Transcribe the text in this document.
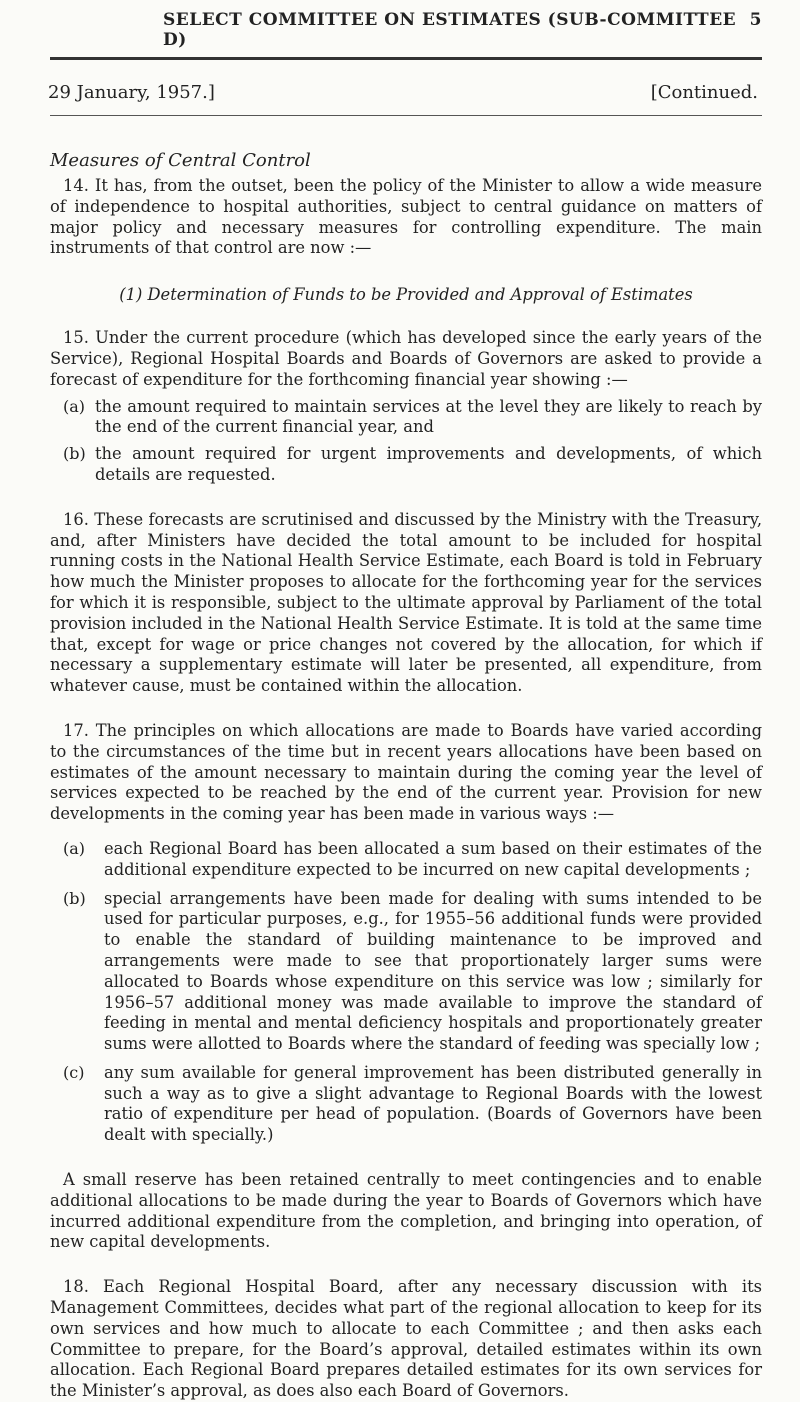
SELECT COMMITTEE ON ESTIMATES (SUB-COMMITTEE D)
5
29 January, 1957.]	[Continued.
Measures of Central Control

14. It has, from the outset, been the policy of the Minister to allow a wide measure of independence to hospital authorities, subject to central guidance on matters of major policy and necessary measures for controlling expenditure. The main instruments of that control are now :—

(1) Determination of Funds to be Provided and Approval of Estimates

15. Under the current procedure (which has developed since the early years of the Service), Regional Hospital Boards and Boards of Governors are asked to provide a forecast of expenditure for the forthcoming financial year showing :—

(a) the amount required to maintain services at the level they are likely to reach by the end of the current financial year, and
(b) the amount required for urgent improvements and developments, of which details are requested.

16. These forecasts are scrutinised and discussed by the Ministry with the Treasury, and, after Ministers have decided the total amount to be included for hospital running costs in the National Health Service Estimate, each Board is told in February how much the Minister proposes to allocate for the forthcoming year for the services for which it is responsible, subject to the ultimate approval by Parliament of the total provision included in the National Health Service Estimate. It is told at the same time that, except for wage or price changes not covered by the allocation, for which if necessary a supplementary estimate will later be presented, all expenditure, from whatever cause, must be contained within the allocation.

17. The principles on which allocations are made to Boards have varied according to the circumstances of the time but in recent years allocations have been based on estimates of the amount necessary to maintain during the coming year the level of services expected to be reached by the end of the current year. Provision for new developments in the coming year has been made in various ways :—

(a)	each Regional Board has been allocated a sum based on their estimates of the additional expenditure expected to be incurred on new capital developments ;
(b)	special arrangements have been made for dealing with sums intended to be used for particular purposes, e.g., for 1955–56 additional funds were provided to enable the standard of building maintenance to be improved and arrangements were made to see that proportionately larger sums were allocated to Boards whose expenditure on this service was low ; similarly for 1956–57 additional money was made available to improve the standard of feeding in mental and mental deficiency hospitals and proportionately greater sums were allotted to Boards where the standard of feeding was specially low ;
(c)	any sum available for general improvement has been distributed generally in such a way as to give a slight advantage to Regional Boards with the lowest ratio of expenditure per head of population. (Boards of Governors have been dealt with specially.)

A small reserve has been retained centrally to meet contingencies and to enable additional allocations to be made during the year to Boards of Governors which have incurred additional expenditure from the completion, and bringing into operation, of new capital developments.

18. Each Regional Hospital Board, after any necessary discussion with its Management Committees, decides what part of the regional allocation to keep for its own services and how much to allocate to each Committee ; and then asks each Committee to prepare, for the Board’s approval, detailed estimates within its own allocation. Each Regional Board prepares detailed estimates for its own services for the Minister’s approval, as does also each Board of Governors.
